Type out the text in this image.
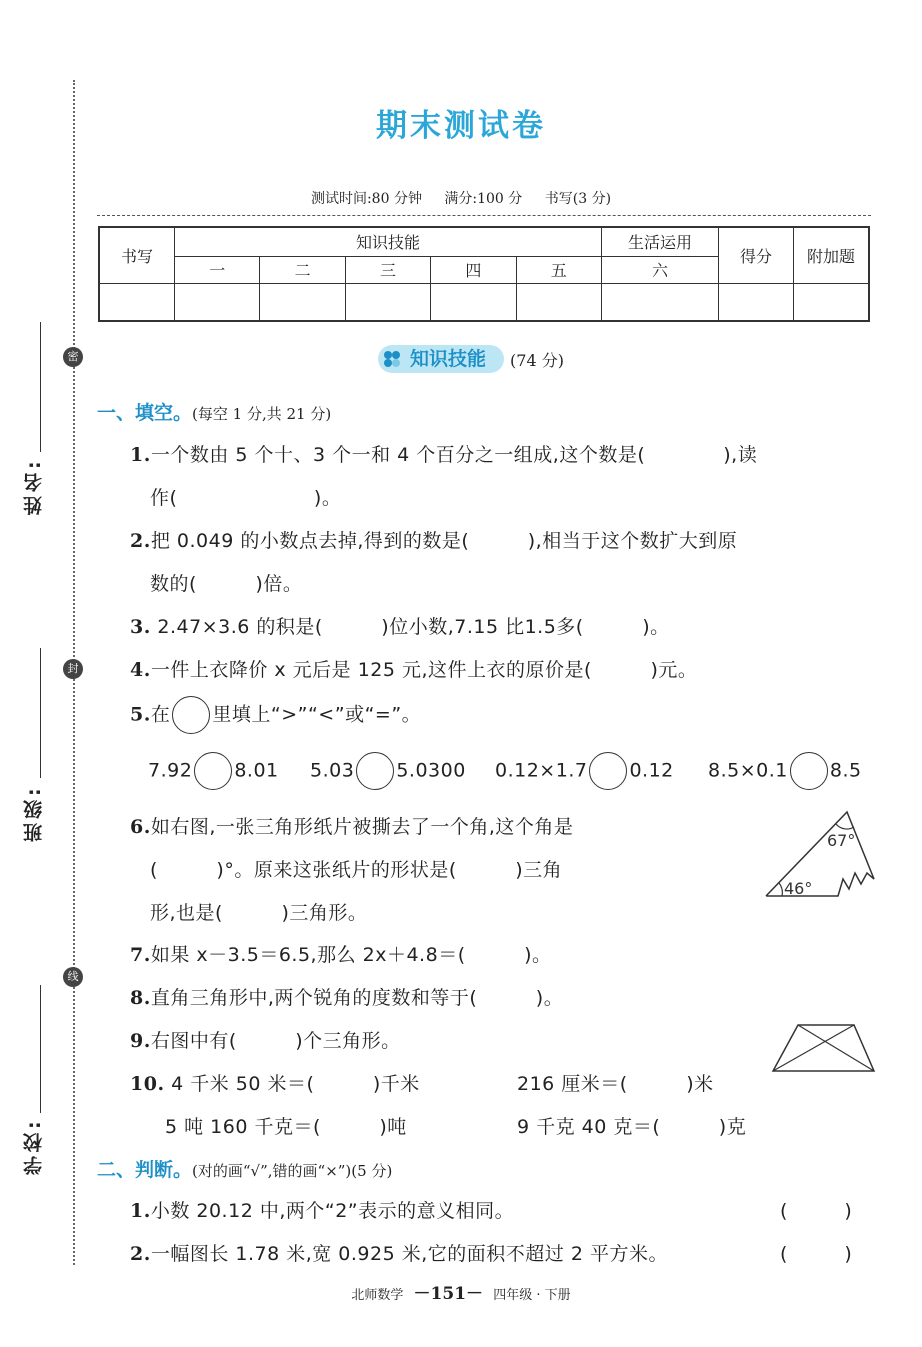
密
封
线
姓名:
班级:
学校:
期末测试卷
测试时间:80 分钟 满分:100 分 书写(3 分)
书写	知识技能					生活运用	得分	附加题
	一	二	三	四	五	六		

知识技能	(74 分)
一、填空。(每空 1 分,共 21 分)
1.一个数由 5 个十、3 个一和 4 个百分之一组成,这个数是(　　　　),读
作(　　　　　　　)。
2.把 0.049 的小数点去掉,得到的数是(　　　),相当于这个数扩大到原
数的(　　　)倍。
3. 2.47×3.6 的积是(　　　)位小数,7.15 比1.5多(　　　)。
4.一件上衣降价 x 元后是 125 元,这件上衣的原价是(　　　)元。
5.在 里填上“>”“<”或“=”。
7.92 8.01 5.03 5.0300 0.12×1.7 0.12 8.5×0.1 8.5
6.如右图,一张三角形纸片被撕去了一个角,这个角是
(　　　)°。原来这张纸片的形状是(　　　)三角
形,也是(　　　)三角形。
67°
46°
7.如果 x－3.5＝6.5,那么 2x＋4.8＝(　　　)。
8.直角三角形中,两个锐角的度数和等于(　　　)。
9.右图中有(　　　)个三角形。
10. 4 千米 50 米＝(　　　)千米	216 厘米＝(　　　)米
5 吨 160 千克＝(　　　)吨	9 千克 40 克＝(　　　)克
二、判断。(对的画“√”,错的画“×”)(5 分)
1.小数 20.12 中,两个“2”表示的意义相同。	(　　　)
2.一幅图长 1.78 米,宽 0.925 米,它的面积不超过 2 平方米。	(　　　)
北师数学 －151－ 四年级 · 下册
